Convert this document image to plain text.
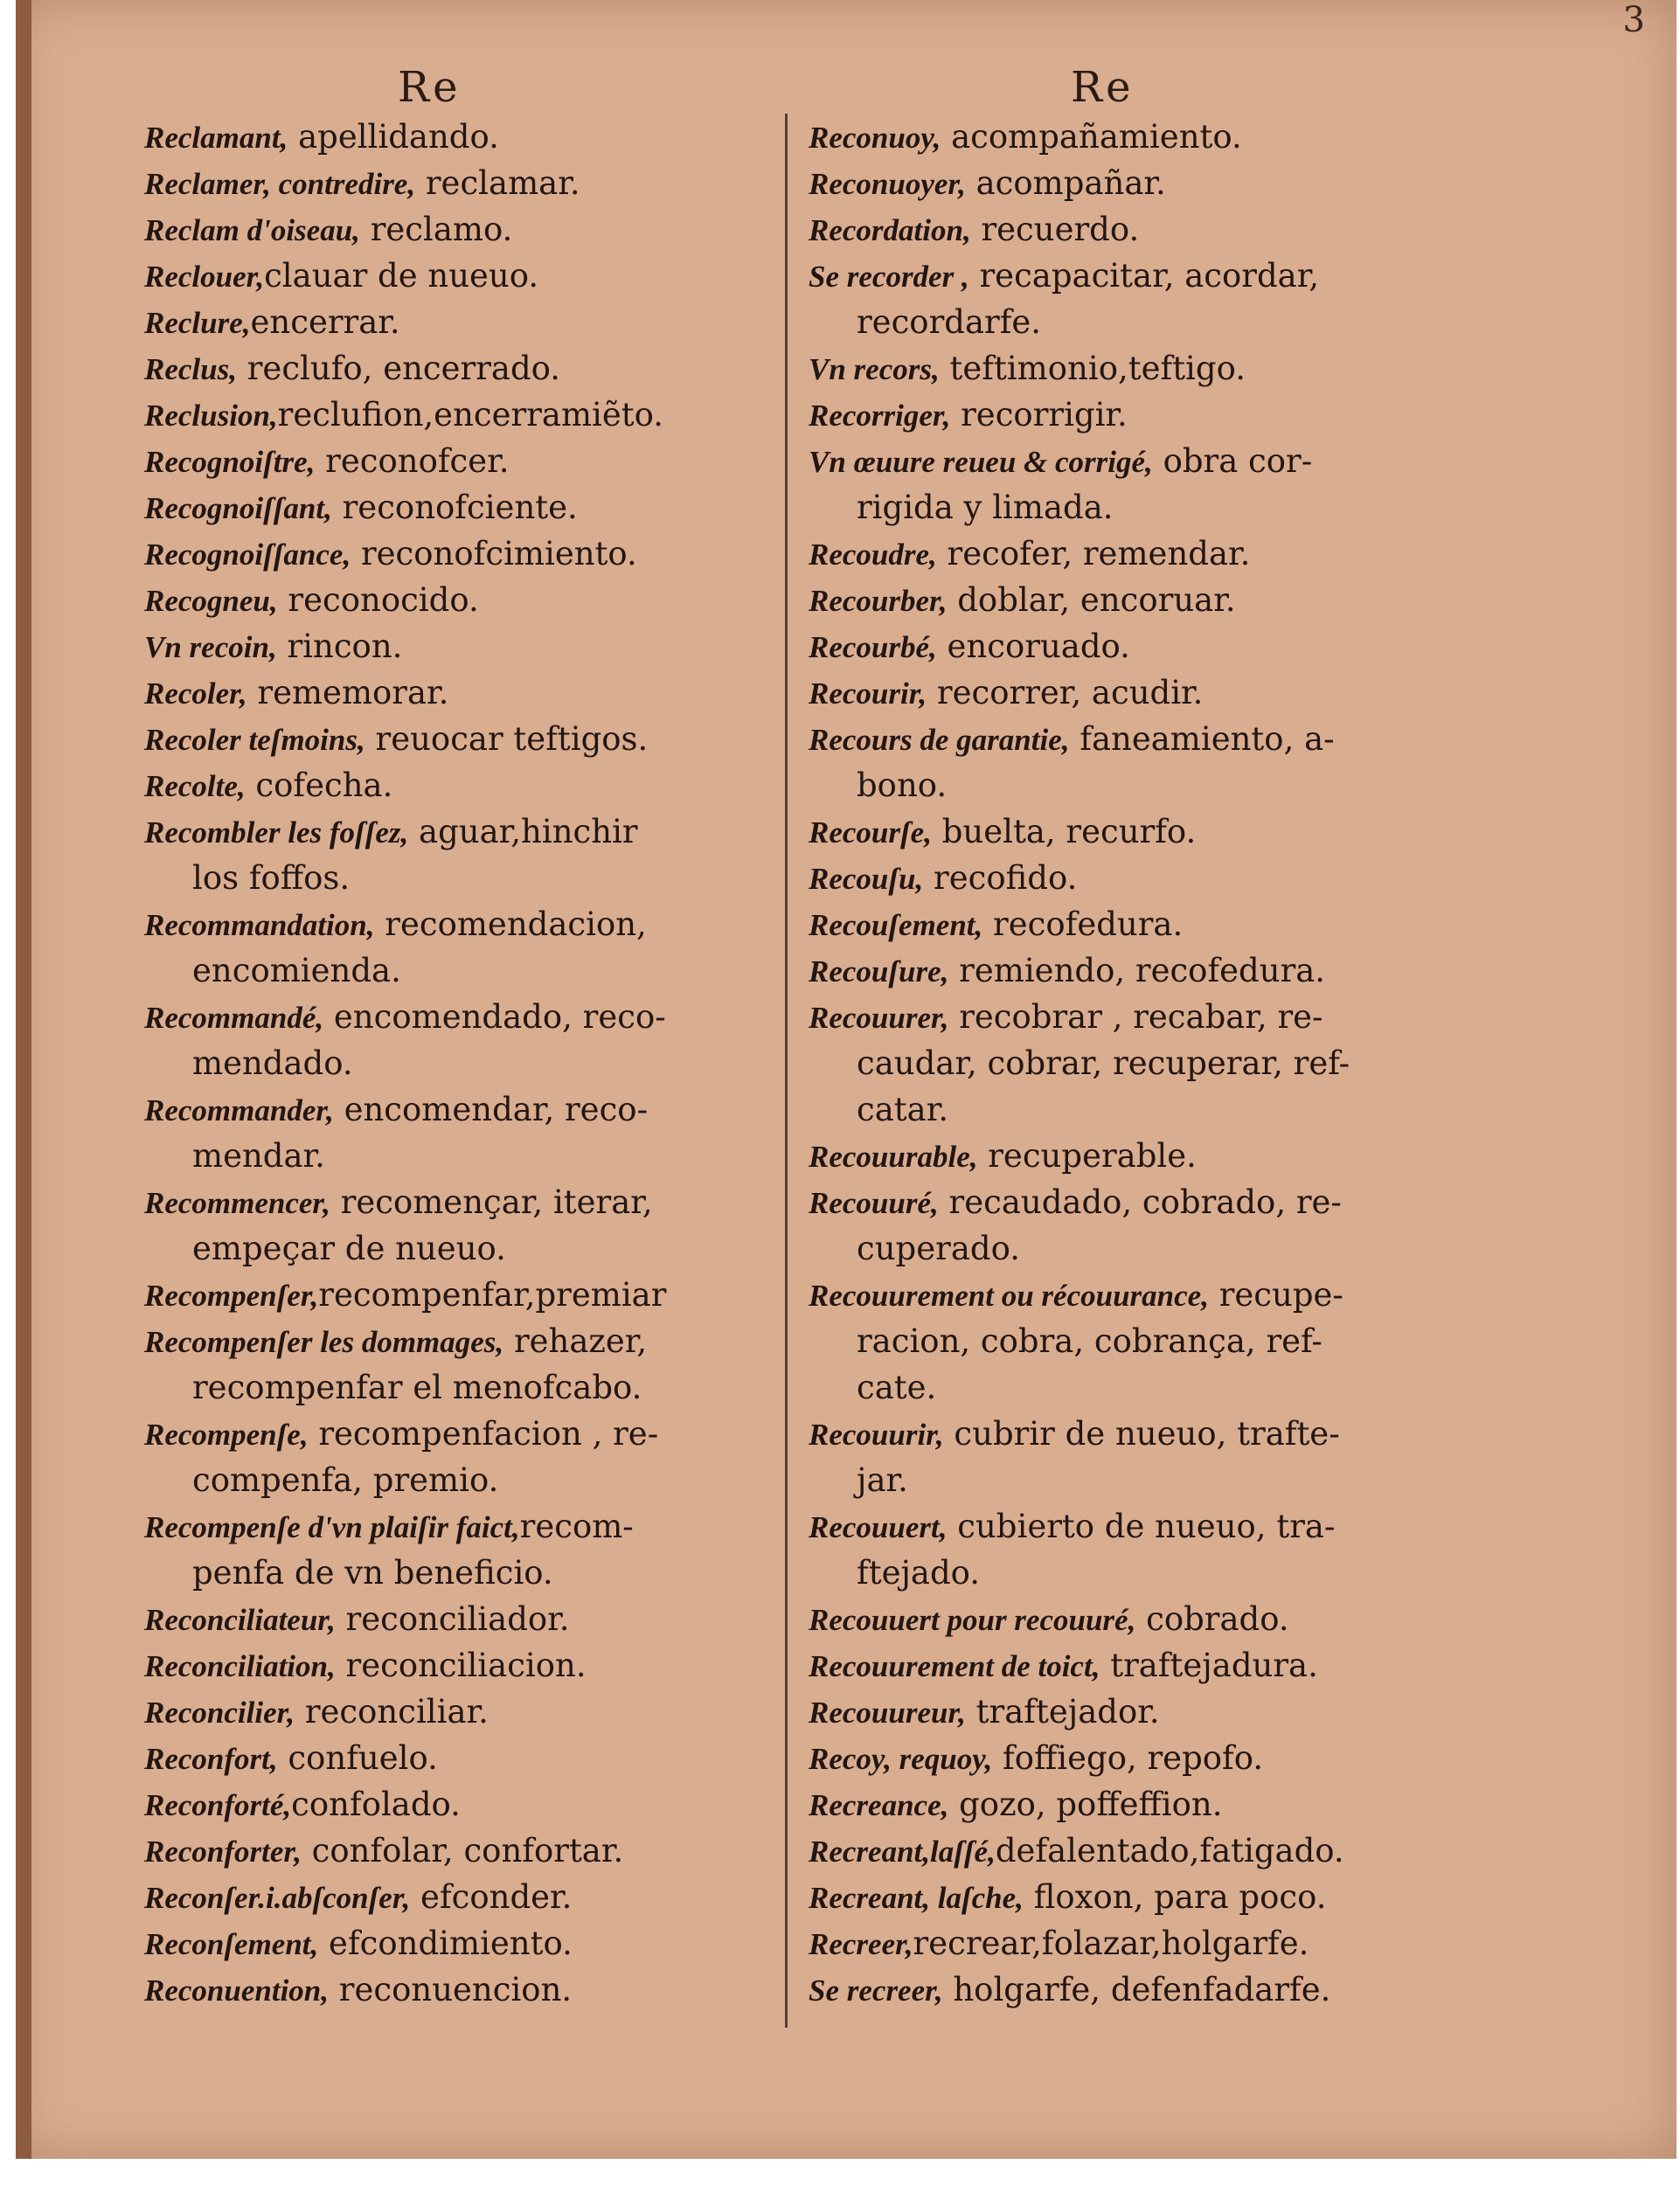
3
Re	Re
Reclamant, apellidando.
Reclamer, contredire, reclamar.
Reclam d'oiseau, reclamo.
Reclouer,clauar de nueuo.
Reclure,encerrar.
Reclus, reclufo, encerrado.
Reclusion,reclufion,encerramiẽto.
Recognoiſtre, reconofcer.
Recognoiſſant, reconofciente.
Recognoiſſance, reconofcimiento.
Recogneu, reconocido.
Vn recoin, rincon.
Recoler, rememorar.
Recoler teſmoins, reuocar teftigos.
Recolte, cofecha.
Recombler les foſſez, aguar,hinchir
los foffos.
Recommandation, recomendacion,
encomienda.
Recommandé, encomendado, reco-
mendado.
Recommander, encomendar, reco-
mendar.
Recommencer, recomençar, iterar,
empeçar de nueuo.
Recompenſer,recompenfar,premiar
Recompenſer les dommages, rehazer,
recompenfar el menofcabo.
Recompenſe, recompenfacion , re-
compenfa, premio.
Recompenſe d'vn plaiſir faict,recom-
penfa de vn beneficio.
Reconciliateur, reconciliador.
Reconciliation, reconciliacion.
Reconcilier, reconciliar.
Reconfort, confuelo.
Reconforté,confolado.
Reconforter, confolar, confortar.
Reconſer.i.abſconſer, efconder.
Reconſement, efcondimiento.
Reconuention, reconuencion.
Reconuoy, acompañamiento.
Reconuoyer, acompañar.
Recordation, recuerdo.
Se recorder , recapacitar, acordar,
recordarfe.
Vn recors, teftimonio,teftigo.
Recorriger, recorrigir.
Vn œuure reueu & corrigé, obra cor-
rigida y limada.
Recoudre, recofer, remendar.
Recourber, doblar, encoruar.
Recourbé, encoruado.
Recourir, recorrer, acudir.
Recours de garantie, faneamiento, a-
bono.
Recourſe, buelta, recurfo.
Recouſu, recofido.
Recouſement, recofedura.
Recouſure, remiendo, recofedura.
Recouurer, recobrar , recabar, re-
caudar, cobrar, recuperar, ref-
catar.
Recouurable, recuperable.
Recouuré, recaudado, cobrado, re-
cuperado.
Recouurement ou récouurance, recupe-
racion, cobra, cobrança, ref-
cate.
Recouurir, cubrir de nueuo, trafte-
jar.
Recouuert, cubierto de nueuo, tra-
ftejado.
Recouuert pour recouuré, cobrado.
Recouurement de toict, traftejadura.
Recouureur, traftejador.
Recoy, requoy, foffiego, repofo.
Recreance, gozo, poffeffion.
Recreant,laſſé,defalentado,fatigado.
Recreant, laſche, floxon, para poco.
Recreer,recrear,folazar,holgarfe.
Se recreer, holgarfe, defenfadarfe.
